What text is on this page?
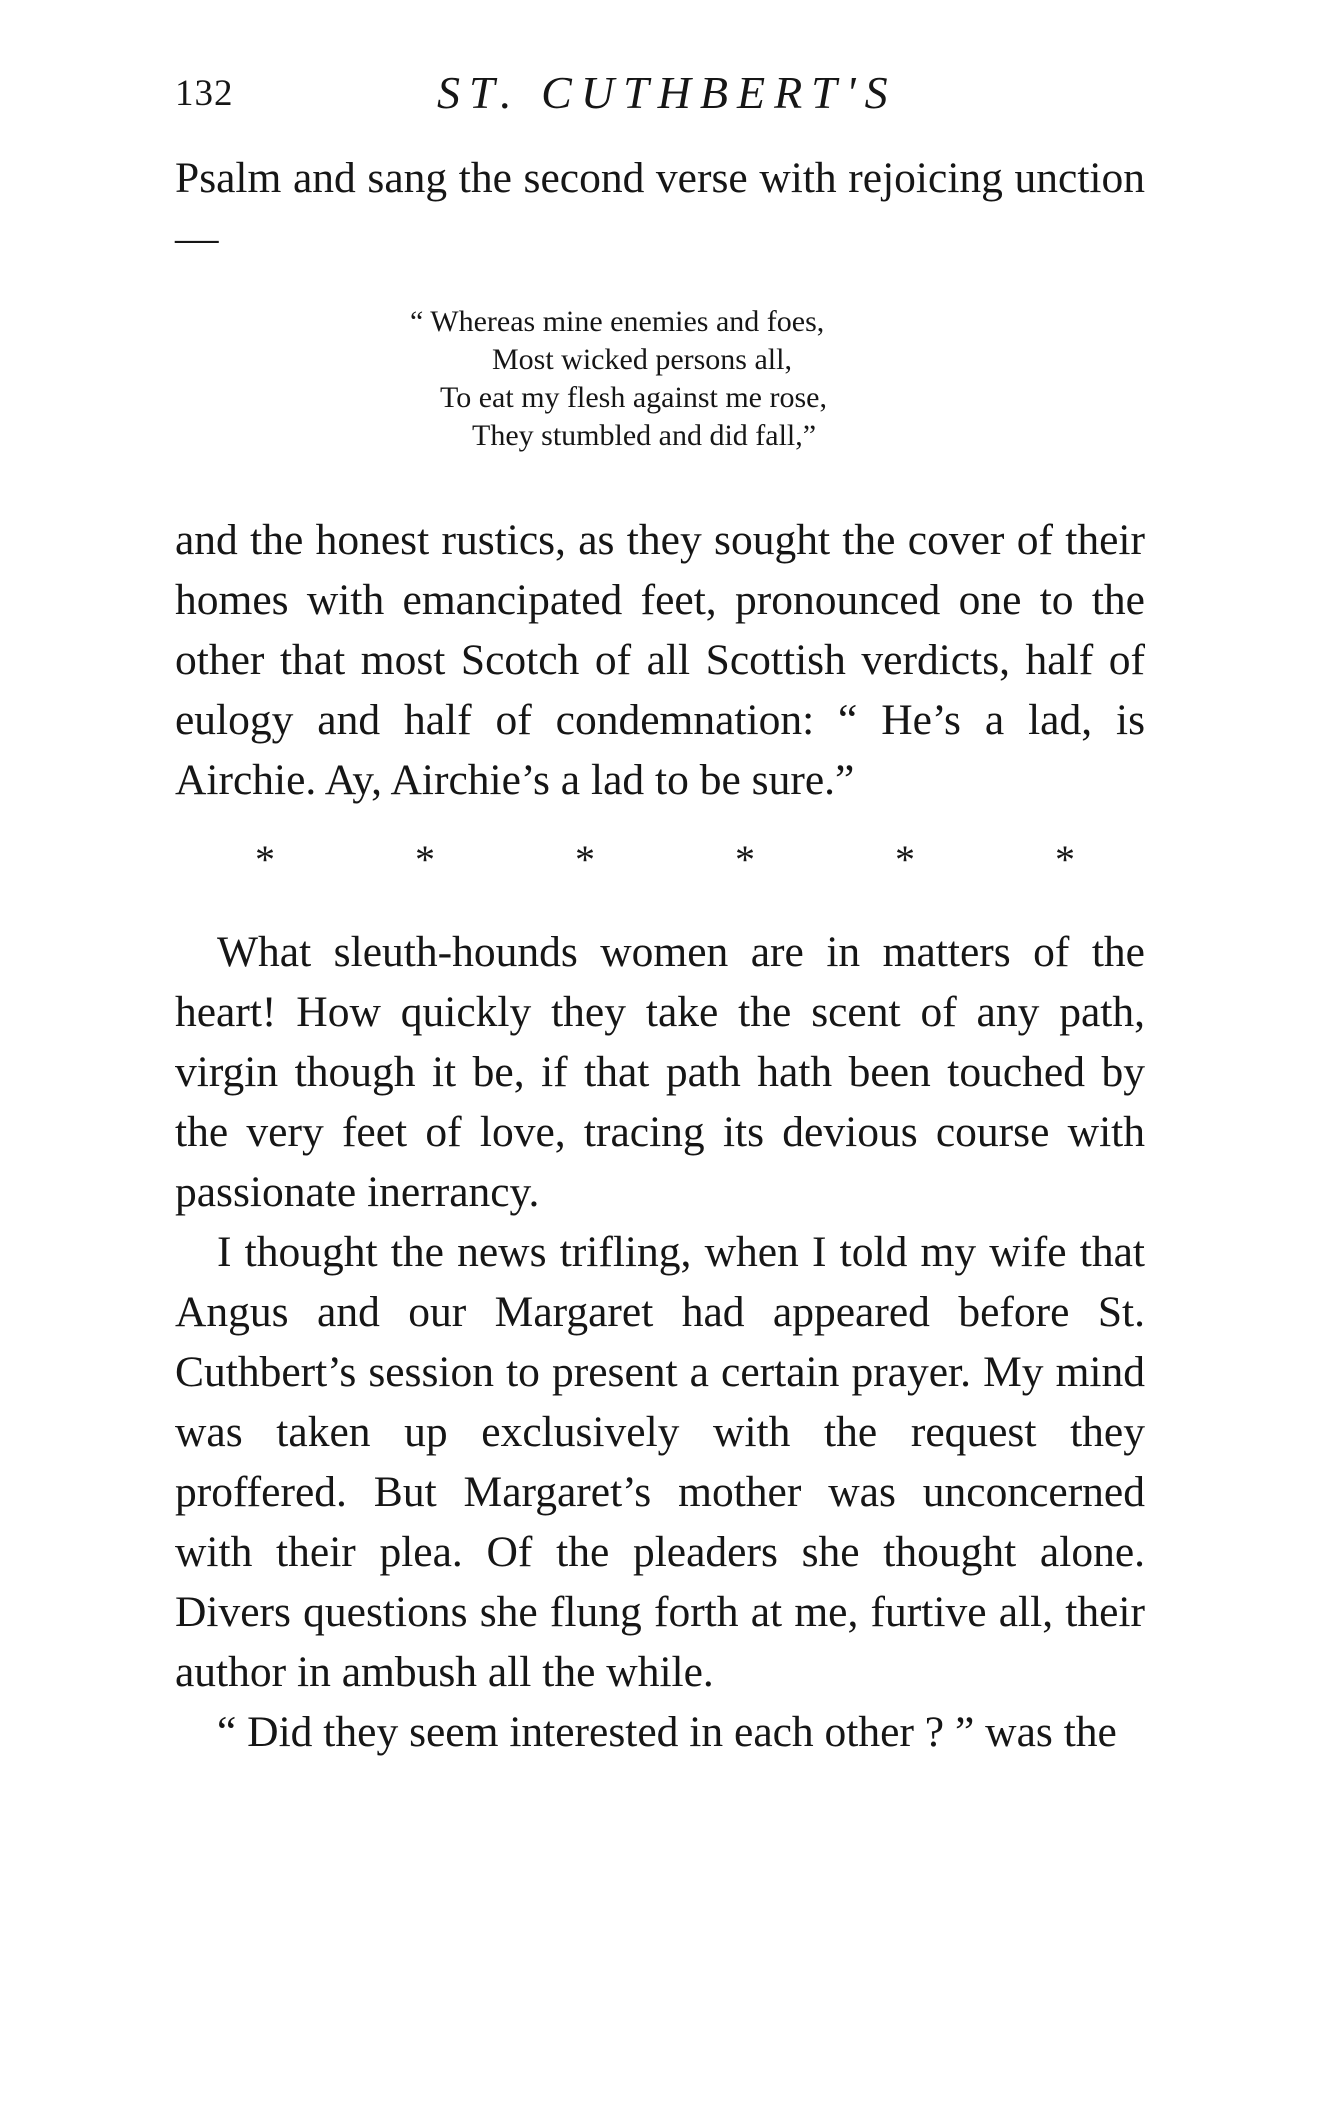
132	ST. CUTHBERT'S

Psalm and sang the second verse with rejoicing unction —

“ Whereas mine enemies and foes,
Most wicked persons all,
To eat my flesh against me rose,
They stumbled and did fall,”

and the honest rustics, as they sought the cover of their homes with emancipated feet, pronounced one to the other that most Scotch of all Scottish verdicts, half of eulogy and half of condemnation: “ He’s a lad, is Airchie. Ay, Airchie’s a lad to be sure.”

*	*	*	*	*	*

What sleuth-hounds women are in matters of the heart! How quickly they take the scent of any path, virgin though it be, if that path hath been touched by the very feet of love, tracing its devious course with passionate inerrancy.

I thought the news trifling, when I told my wife that Angus and our Margaret had appeared before St. Cuthbert’s session to present a certain prayer. My mind was taken up exclusively with the request they proffered. But Margaret’s mother was unconcerned with their plea. Of the pleaders she thought alone. Divers questions she flung forth at me, furtive all, their author in ambush all the while.

“ Did they seem interested in each other ? ” was the
